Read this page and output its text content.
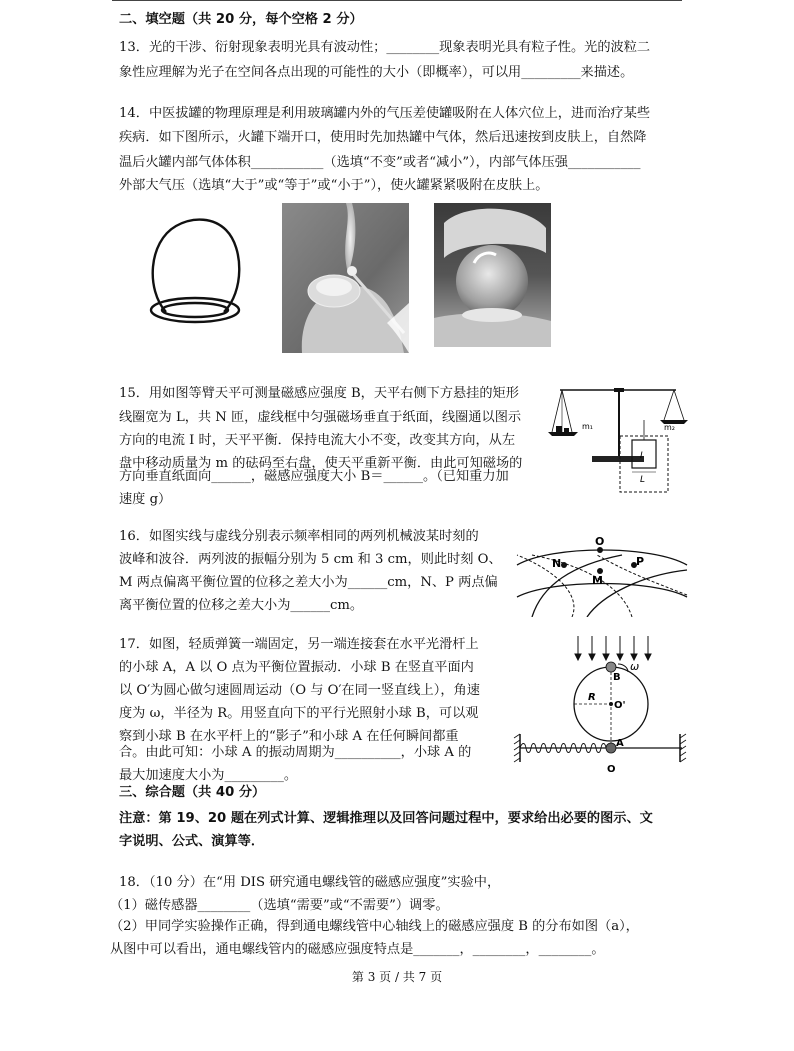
二、填空题（共 20 分，每个空格 2 分）

13．光的干涉、衍射现象表明光具有波动性；________现象表明光具有粒子性。光的波粒二

象性应理解为光子在空间各点出现的可能性的大小（即概率），可以用_________来描述。

14．中医拔罐的物理原理是利用玻璃罐内外的气压差使罐吸附在人体穴位上，进而治疗某些

疾病．如下图所示，火罐下端开口，使用时先加热罐中气体，然后迅速按到皮肤上，自然降

温后火罐内部气体体积___________（选填“不变”或者“减小”），内部气体压强___________

外部大气压（选填“大于”或“等于”或“小于”），使火罐紧紧吸附在皮肤上。

15．用如图等臂天平可测量磁感应强度 B，天平右侧下方悬挂的矩形

线圈宽为 L，共 N 匝，虚线框中匀强磁场垂直于纸面，线圈通以图示

方向的电流 I 时，天平平衡．保持电流大小不变，改变其方向，从左

盘中移动质量为 m 的砝码至右盘，使天平重新平衡．由此可知磁场的

方向垂直纸面向______，磁感应强度大小 B＝______。（已知重力加

速度 g）

m₁	m₂
I
L

16．如图实线与虚线分别表示频率相同的两列机械波某时刻的

波峰和波谷．两列波的振幅分别为 5 cm 和 3 cm，则此时刻 O、

M 两点偏离平衡位置的位移之差大小为______cm，N、P 两点偏

离平衡位置的位移之差大小为______cm。

O
N
M
P

17．如图，轻质弹簧一端固定，另一端连接套在水平光滑杆上

的小球 A，A 以 O 点为平衡位置振动．小球 B 在竖直平面内

以 O′为圆心做匀速圆周运动（O 与 O′在同一竖直线上），角速

度为 ω，半径为 R。用竖直向下的平行光照射小球 B，可以观

察到小球 B 在水平杆上的“影子”和小球 A 在任何瞬间都重

合。由此可知：小球 A 的振动周期为__________，小球 A 的

最大加速度大小为_________。

B
ω
R
O'
A
O

三、综合题（共 40 分）

注意：第 19、20 题在列式计算、逻辑推理以及回答问题过程中，要求给出必要的图示、文

字说明、公式、演算等．

18．（10 分）在“用 DIS 研究通电螺线管的磁感应强度”实验中，

（1）磁传感器________（选填“需要”或“不需要”）调零。

（2）甲同学实验操作正确，得到通电螺线管中心轴线上的磁感应强度 B 的分布如图（a），

从图中可以看出，通电螺线管内的磁感应强度特点是_______，________，________。

第 3 页 / 共 7 页
